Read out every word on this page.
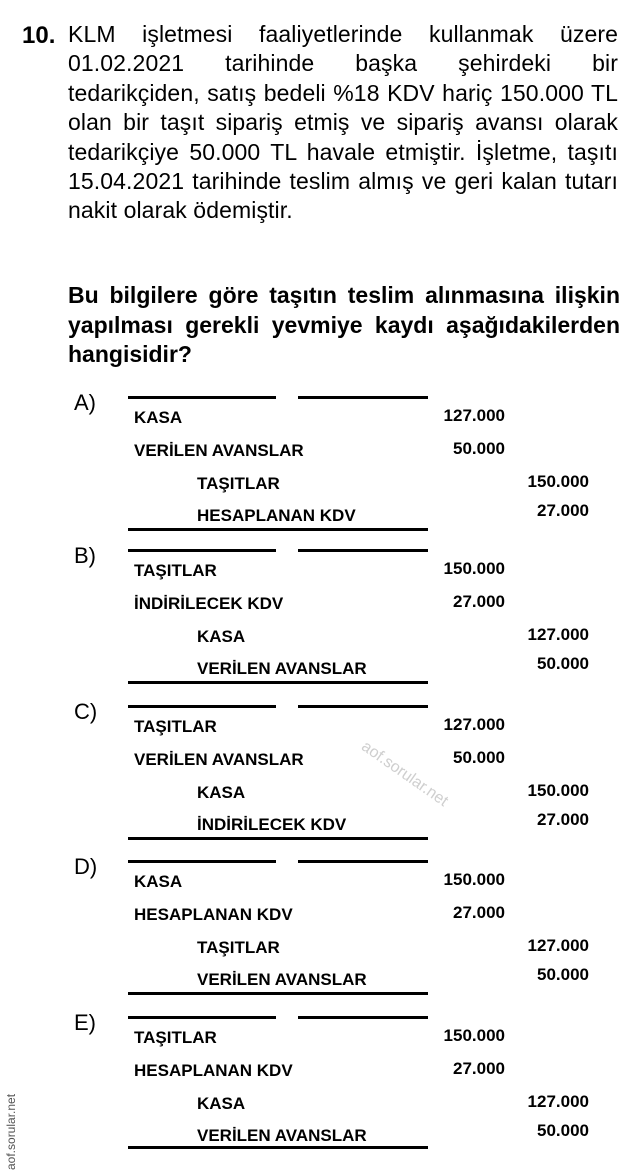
10. KLM işletmesi faaliyetlerinde kullanmak üzere 01.02.2021 tarihinde başka şehirdeki bir tedarikçiden, satış bedeli %18 KDV hariç 150.000 TL olan bir taşıt sipariş etmiş ve sipariş avansı olarak tedarikçiye 50.000 TL havale etmiştir. İşletme, taşıtı 15.04.2021 tarihinde teslim almış ve geri kalan tutarı nakit olarak ödemiştir.
Bu bilgilere göre taşıtın teslim alınmasına ilişkin yapılması gerekli yevmiye kaydı aşağıdakilerden hangisidir?
A)
KASA	127.000
VERİLEN AVANSLAR	50.000
TAŞITLAR	150.000
HESAPLANAN KDV	27.000
B)
TAŞITLAR	150.000
İNDİRİLECEK KDV	27.000
KASA	127.000
VERİLEN AVANSLAR	50.000
C)
TAŞITLAR	127.000
VERİLEN AVANSLAR	50.000
KASA	150.000
İNDİRİLECEK KDV	27.000
D)
KASA	150.000
HESAPLANAN KDV	27.000
TAŞITLAR	127.000
VERİLEN AVANSLAR	50.000
E)
TAŞITLAR	150.000
HESAPLANAN KDV	27.000
KASA	127.000
VERİLEN AVANSLAR	50.000
aof.sorular.net
aof.sorular.net
